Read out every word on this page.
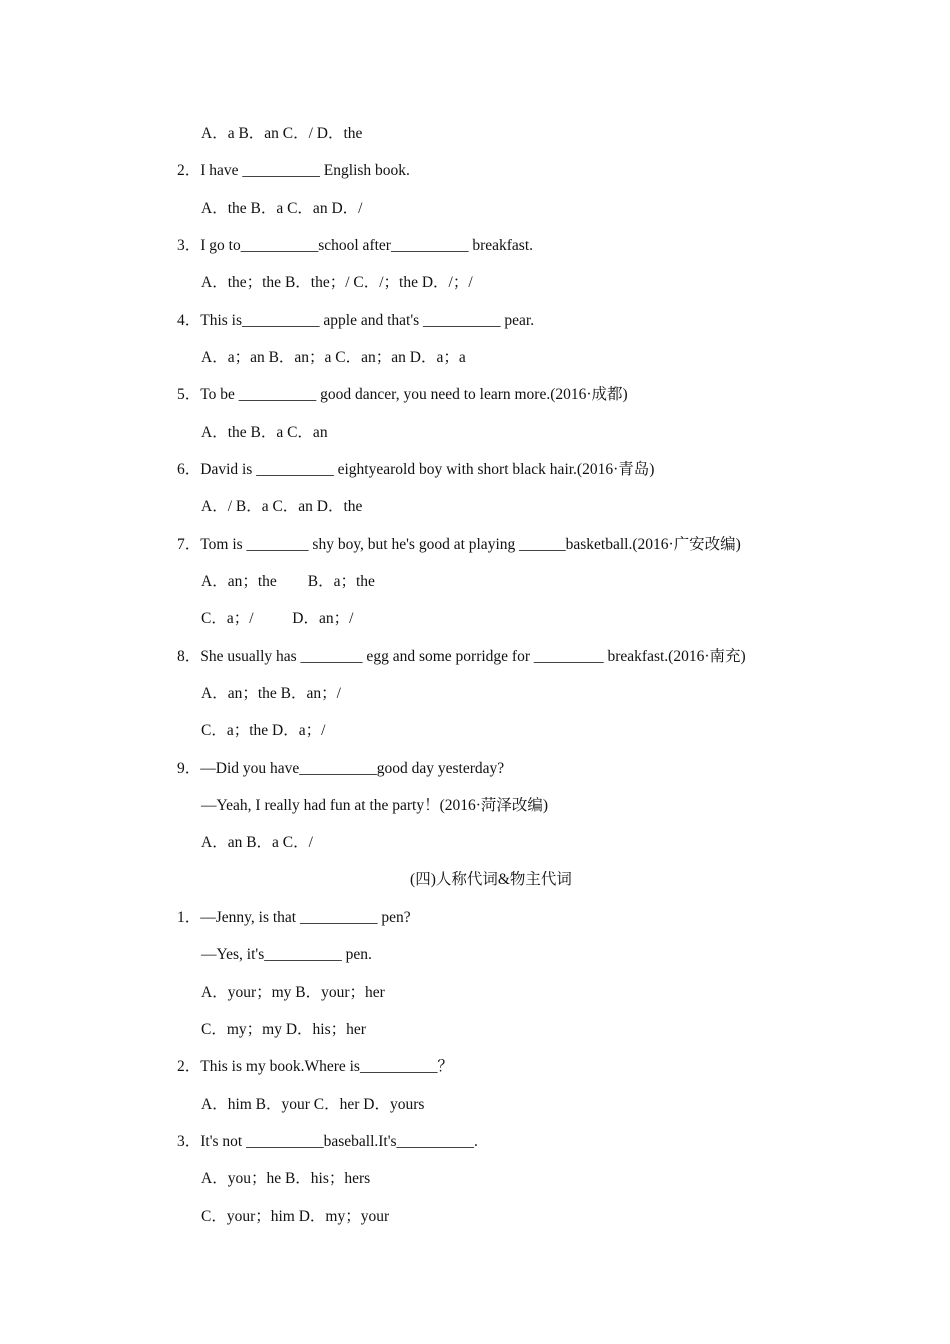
A．a B．an C．/ D．the
2．I have __________ English book.
A．the B．a C．an D．/
3．I go to__________school after__________ breakfast.
A．the；the B．the；/ C．/；the D．/；/
4．This is__________ apple and that's __________ pear.
A．a；an B．an；a C．an；an D．a；a
5．To be __________ good dancer, you need to learn more.(2016·成都)
A．the B．a C．an
6．David is __________ eightyearold boy with short black hair.(2016·青岛)
A．/ B．a C．an D．the
7．Tom is ________ shy boy, but he's good at playing ______basketball.(2016·广安改编)
A．an；the        B．a；the
C．a；/          D．an；/
8．She usually has ________ egg and some porridge for _________ breakfast.(2016·南充)
A．an；the B．an；/
C．a；the D．a；/
9．—Did you have__________good day yesterday?
—Yeah, I really had fun at the party！(2016·菏泽改编)
A．an B．a C．/
(四)人称代词&物主代词
1．—Jenny, is that __________ pen?
—Yes, it's__________ pen.
A．your；my B．your；her
C．my；my D．his；her
2．This is my book.Where is__________？
A．him B．your C．her D．yours
3．It's not __________baseball.It's__________.
A．you；he B．his；hers
C．your；him D．my；your
